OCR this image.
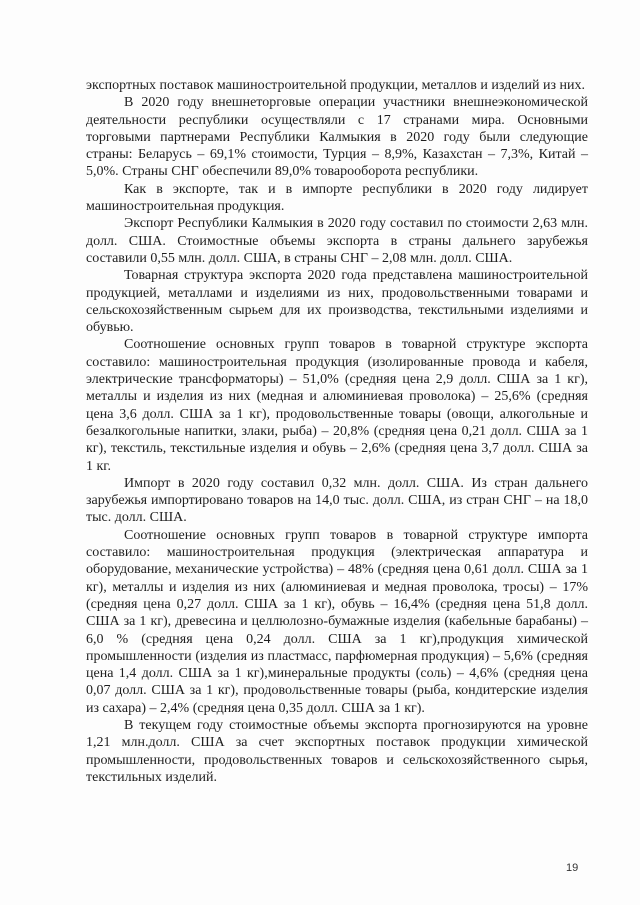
экспортных поставок машиностроительной продукции, металлов и изделий из них.

В 2020 году внешнеторговые операции участники внешнеэкономической деятельности республики осуществляли с 17 странами мира. Основными торговыми партнерами Республики Калмыкия в 2020 году были следующие страны: Беларусь – 69,1% стоимости, Турция – 8,9%, Казахстан – 7,3%, Китай – 5,0%. Страны СНГ обеспечили 89,0% товарооборота республики.

Как в экспорте, так и в импорте республики в 2020 году лидирует машиностроительная продукция.

Экспорт Республики Калмыкия в 2020 году составил по стоимости 2,63 млн. долл. США. Стоимостные объемы экспорта в страны дальнего зарубежья составили 0,55 млн. долл. США, в страны СНГ – 2,08 млн. долл. США.

Товарная структура экспорта 2020 года представлена машиностроительной продукцией, металлами и изделиями из них, продовольственными товарами и сельскохозяйственным сырьем для их производства, текстильными изделиями и обувью.

Соотношение основных групп товаров в товарной структуре экспорта составило: машиностроительная продукция (изолированные провода и кабеля, электрические трансформаторы) – 51,0% (средняя цена 2,9 долл. США за 1 кг), металлы и изделия из них (медная и алюминиевая проволока) – 25,6% (средняя цена 3,6 долл. США за 1 кг), продовольственные товары (овощи, алкогольные и безалкогольные напитки, злаки, рыба) – 20,8% (средняя цена 0,21 долл. США за 1 кг), текстиль, текстильные изделия и обувь – 2,6% (средняя цена 3,7 долл. США за 1 кг.

Импорт в 2020 году составил 0,32 млн. долл. США. Из стран дальнего зарубежья импортировано товаров на 14,0 тыс. долл. США, из стран СНГ – на 18,0 тыс. долл. США.

Соотношение основных групп товаров в товарной структуре импорта составило: машиностроительная продукция (электрическая аппаратура и оборудование, механические устройства) – 48% (средняя цена 0,61 долл. США за 1 кг), металлы и изделия из них (алюминиевая и медная проволока, тросы) – 17% (средняя цена 0,27 долл. США за 1 кг), обувь – 16,4% (средняя цена 51,8 долл. США за 1 кг), древесина и целлюлозно-бумажные изделия (кабельные барабаны) – 6,0 % (средняя цена 0,24 долл. США за 1 кг),продукция химической промышленности (изделия из пластмасс, парфюмерная продукция) – 5,6% (средняя цена 1,4 долл. США за 1 кг),минеральные продукты (соль) – 4,6% (средняя цена 0,07 долл. США за 1 кг), продовольственные товары (рыба, кондитерские изделия из сахара) – 2,4% (средняя цена 0,35 долл. США за 1 кг).

В текущем году стоимостные объемы экспорта прогнозируются на уровне 1,21 млн.долл. США за счет экспортных поставок продукции химической промышленности, продовольственных товаров и сельскохозяйственного сырья, текстильных изделий.

19
